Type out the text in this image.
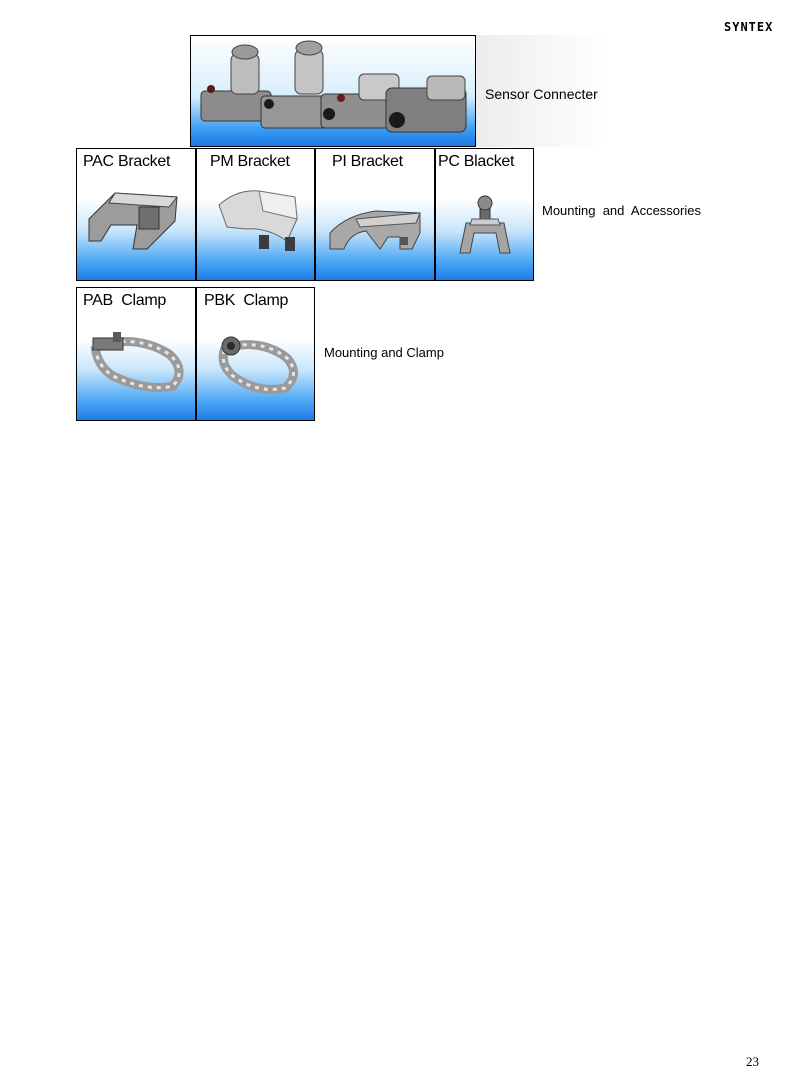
SYNTEX
Sensor Connecter
PAC Bracket PM Bracket	PI Bracket PC Blacket
Mounting  and  Accessories
PAB  Clamp PBK  Clamp
Mounting and Clamp
23
